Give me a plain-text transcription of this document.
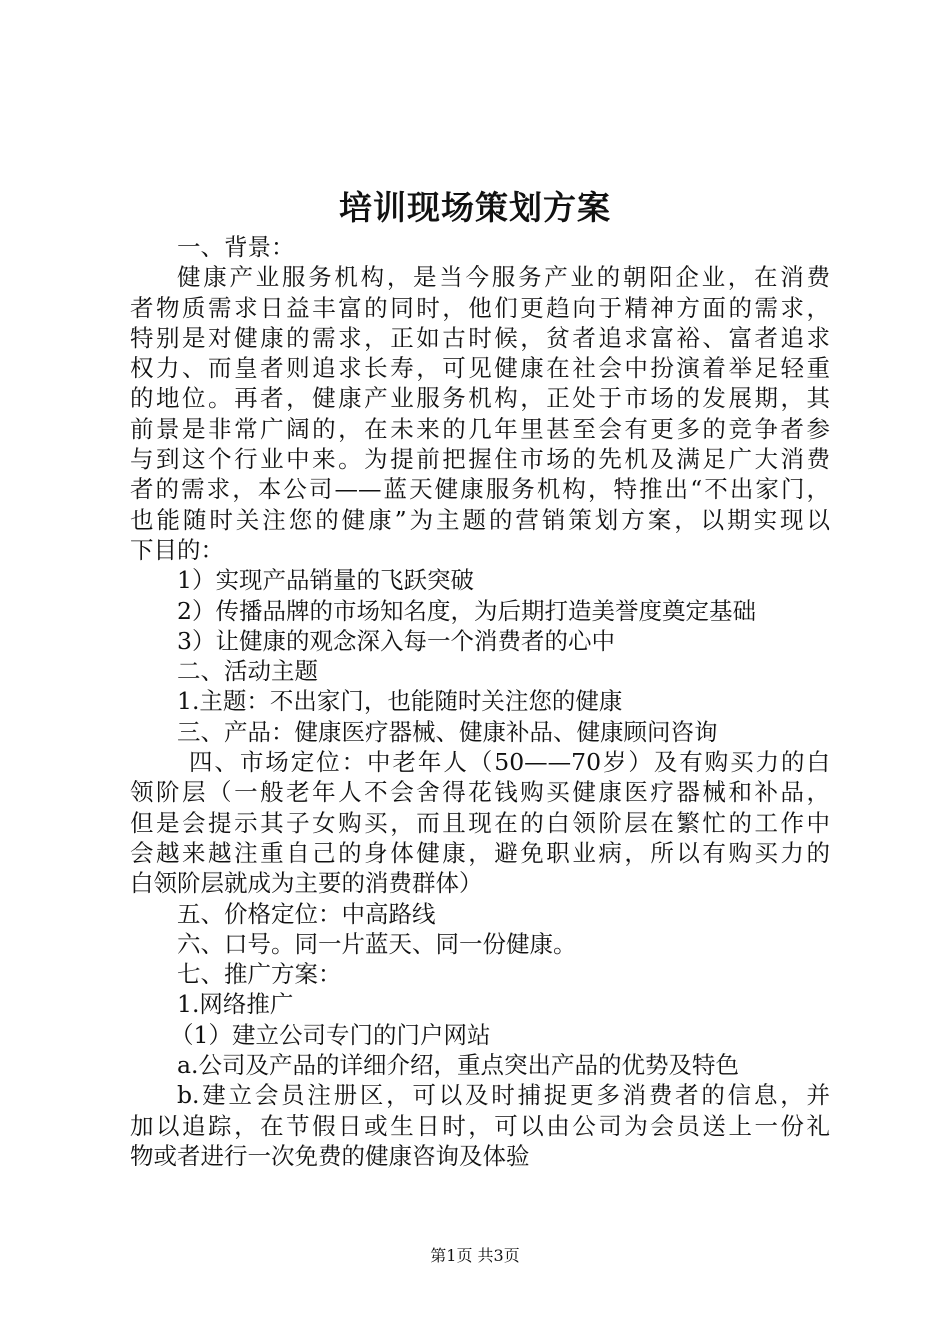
培训现场策划方案
一、背景：
健康产业服务机构，是当今服务产业的朝阳企业，在消费
者物质需求日益丰富的同时，他们更趋向于精神方面的需求，
特别是对健康的需求，正如古时候，贫者追求富裕、富者追求
权力、而皇者则追求长寿，可见健康在社会中扮演着举足轻重
的地位。再者，健康产业服务机构，正处于市场的发展期，其
前景是非常广阔的，在未来的几年里甚至会有更多的竞争者参
与到这个行业中来。为提前把握住市场的先机及满足广大消费
者的需求，本公司——蓝天健康服务机构，特推出“不出家门，
也能随时关注您的健康”为主题的营销策划方案，以期实现以
下目的：
1）实现产品销量的飞跃突破
2）传播品牌的市场知名度，为后期打造美誉度奠定基础
3）让健康的观念深入每一个消费者的心中
二、活动主题
1.主题：不出家门，也能随时关注您的健康
三、产品：健康医疗器械、健康补品、健康顾问咨询
四、市场定位：中老年人（50——70岁）及有购买力的白
领阶层（一般老年人不会舍得花钱购买健康医疗器械和补品，
但是会提示其子女购买，而且现在的白领阶层在繁忙的工作中
会越来越注重自己的身体健康，避免职业病，所以有购买力的
白领阶层就成为主要的消费群体）
五、价格定位：中高路线
六、口号。同一片蓝天、同一份健康。
七、推广方案：
1.网络推广
（1）建立公司专门的门户网站
a.公司及产品的详细介绍，重点突出产品的优势及特色
b.建立会员注册区，可以及时捕捉更多消费者的信息，并
加以追踪，在节假日或生日时，可以由公司为会员送上一份礼
物或者进行一次免费的健康咨询及体验
第1页 共3页
